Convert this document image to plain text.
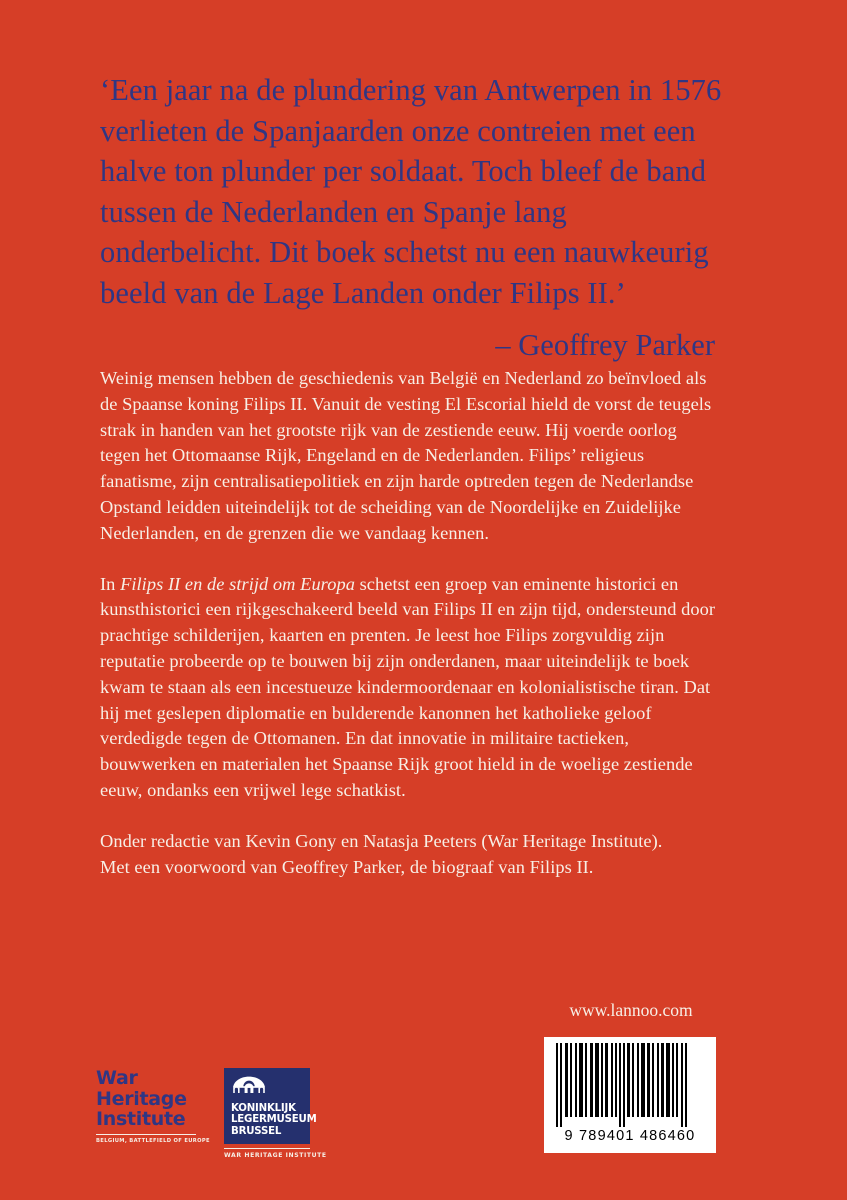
‘Een jaar na de plundering van Antwerpen in 1576 verlieten de Spanjaarden onze contreien met een halve ton plunder per soldaat. Toch bleef de band tussen de Nederlanden en Spanje lang onderbelicht. Dit boek schetst nu een nauwkeurig beeld van de Lage Landen onder Filips II.’

– Geoffrey Parker

Weinig mensen hebben de geschiedenis van België en Nederland zo beïnvloed als de Spaanse koning Filips II. Vanuit de vesting El Escorial hield de vorst de teugels strak in handen van het grootste rijk van de zestiende eeuw. Hij voerde oorlog tegen het Ottomaanse Rijk, Engeland en de Nederlanden. Filips’ religieus fanatisme, zijn centralisatiepolitiek en zijn harde optreden tegen de Nederlandse Opstand leidden uiteindelijk tot de scheiding van de Noordelijke en Zuidelijke Nederlanden, en de grenzen die we vandaag kennen.

In Filips II en de strijd om Europa schetst een groep van eminente historici en kunsthistorici een rijkgeschakeerd beeld van Filips II en zijn tijd, ondersteund door prachtige schilderijen, kaarten en prenten. Je leest hoe Filips zorgvuldig zijn reputatie probeerde op te bouwen bij zijn onderdanen, maar uiteindelijk te boek kwam te staan als een incestueuze kindermoordenaar en kolonialistische tiran. Dat hij met geslepen diplomatie en bulderende kanonnen het katholieke geloof verdedigde tegen de Ottomanen. En dat innovatie in militaire tactieken, bouwwerken en materialen het Spaanse Rijk groot hield in de woelige zestiende eeuw, ondanks een vrijwel lege schatkist.

Onder redactie van Kevin Gony en Natasja Peeters (War Heritage Institute).
Met een voorwoord van Geoffrey Parker, de biograaf van Filips II.

www.lannoo.com
9 789401 486460
War
Heritage
Institute
BELGIUM, BATTLEFIELD OF EUROPE
KONINKLIJK
LEGERMUSEUM
BRUSSEL
WAR HERITAGE INSTITUTE
